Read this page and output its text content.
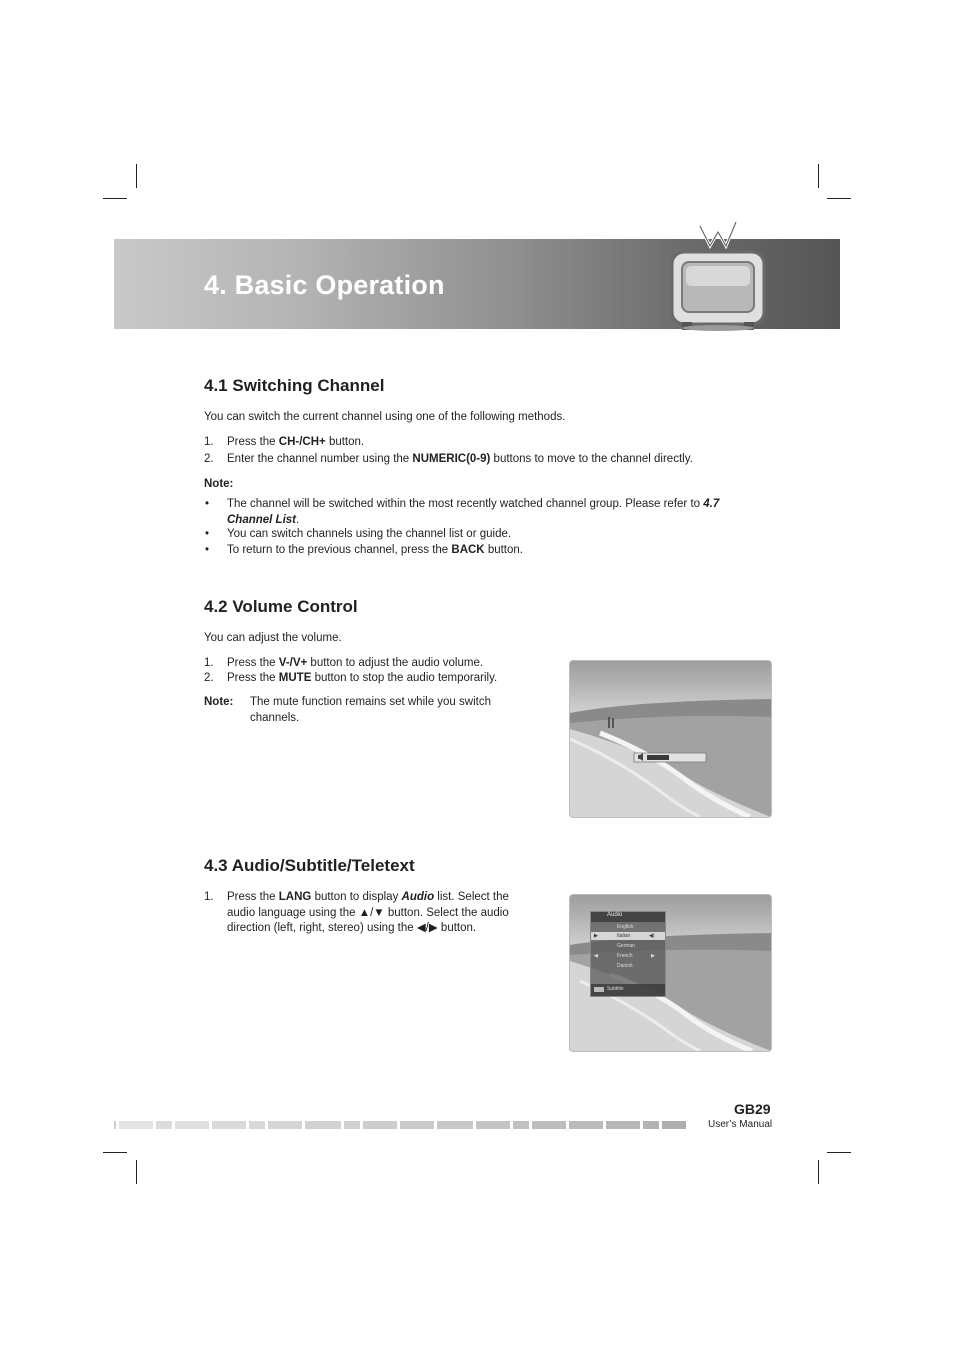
4. Basic Operation
4.1 Switching Channel
You can switch the current channel using one of the following methods.
1. Press the CH-/CH+ button.
2. Enter the channel number using the NUMERIC(0-9) buttons to move to the channel directly.
Note:
• The channel will be switched within the most recently watched channel group. Please refer to 4.7
Channel List.
• You can switch channels using the channel list or guide.
• To return to the previous channel, press the BACK button.
4.2 Volume Control
You can adjust the volume.
1. Press the V-/V+ button to adjust the audio volume.
2. Press the MUTE button to stop the audio temporarily.
Note: The mute function remains set while you switch
channels.
4.3 Audio/Subtitle/Teletext
1. Press the LANG button to display Audio list. Select the
audio language using the ▲/▼ button. Select the audio
direction (left, right, stereo) using the ◀/▶ button.
Audio
English
▶	Italian	◀)
German
◀	French	▶
Danish
Subtitle
GB29
User’s Manual
